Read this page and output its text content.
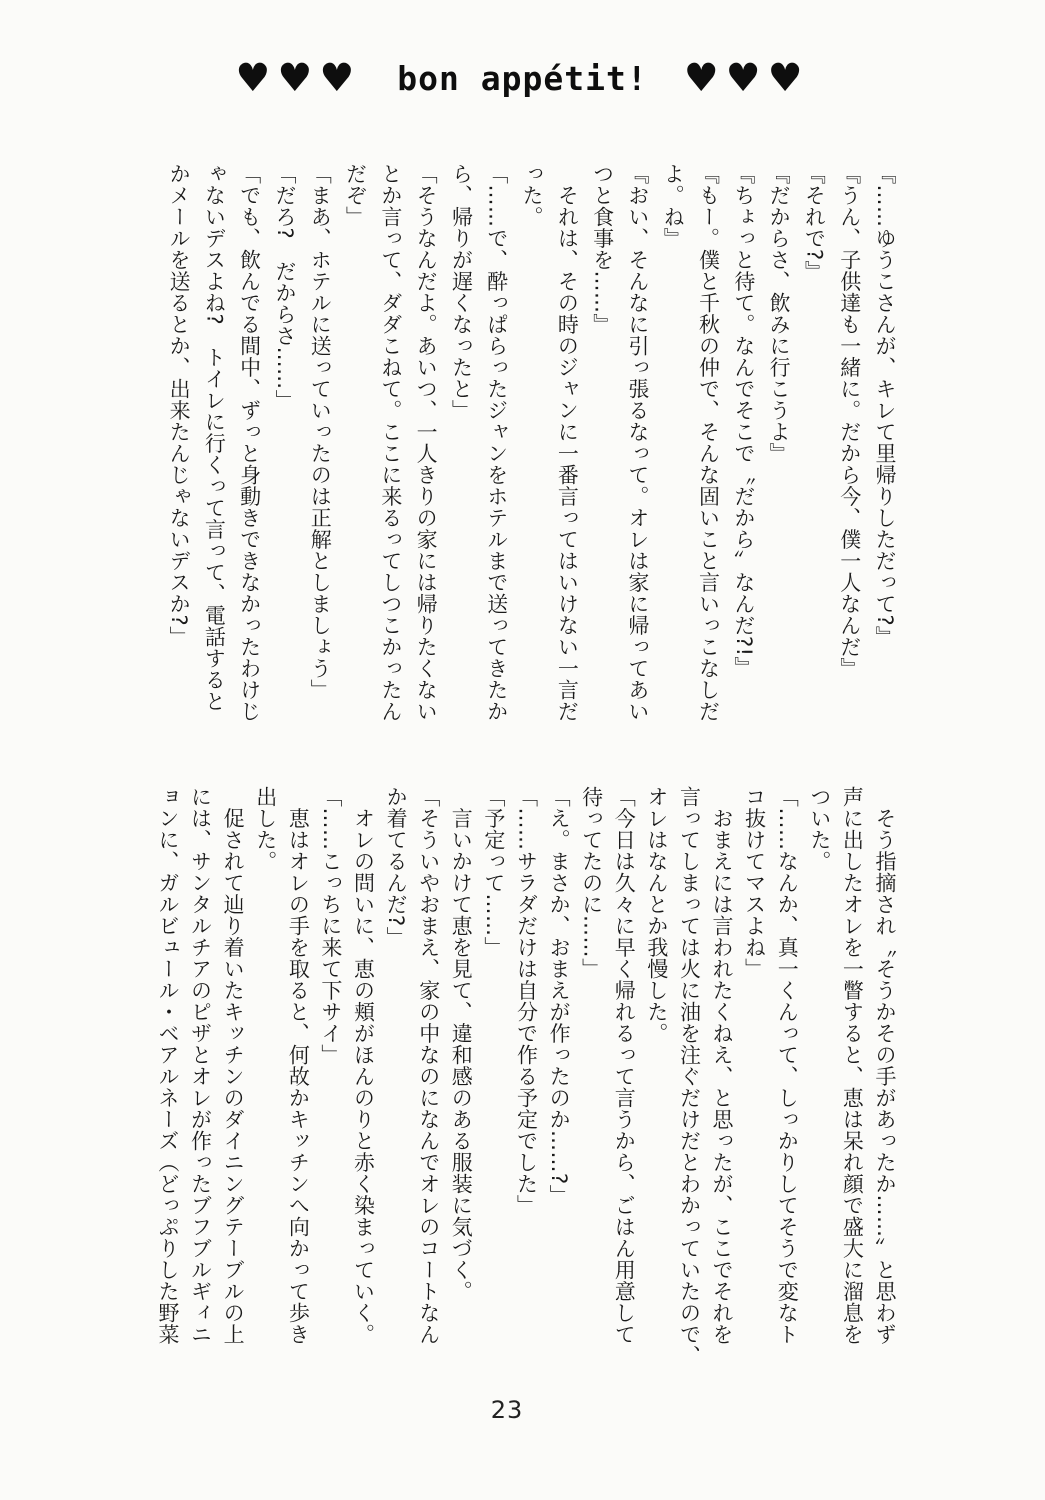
♥♥♥ bon appétit! ♥♥♥

『……ゆうこさんが、キレて里帰りしただって?』

『うん、子供達も一緒に。だから今、僕一人なんだ』

『それで?』

『だからさ、飲みに行こうよ』

『ちょっと待て。なんでそこで〝だから〟なんだ?!』

『もー。僕と千秋の仲で、そんな固いこと言いっこなしだ

よ。ね』

『おい、そんなに引っ張るなって。オレは家に帰ってあい

つと食事を……』

　それは、その時のジャンに一番言ってはいけない一言だ

った。

「……で、酔っぱらったジャンをホテルまで送ってきたか

ら、帰りが遅くなったと」

「そうなんだよ。あいつ、一人きりの家には帰りたくない

とか言って、ダダこねて。ここに来るってしつこかったん

だぞ」

「まあ、ホテルに送っていったのは正解としましょう」

「だろ?　だからさ……」

「でも、飲んでる間中、ずっと身動きできなかったわけじ

ゃないデスよね?　トイレに行くって言って、電話すると

かメールを送るとか、出来たんじゃないデスか?」

　そう指摘され〝そうかその手があったか……〟と思わず

声に出したオレを一瞥すると、恵は呆れ顔で盛大に溜息を

ついた。

「……なんか、真一くんって、しっかりしてそうで変なト

コ抜けてマスよね」

　おまえには言われたくねえ、と思ったが、ここでそれを

言ってしまっては火に油を注ぐだけだとわかっていたので、

オレはなんとか我慢した。

「今日は久々に早く帰れるって言うから、ごはん用意して

待ってたのに……」

「え。まさか、おまえが作ったのか……?」

「……サラダだけは自分で作る予定でした」

「予定って……」

　言いかけて恵を見て、違和感のある服装に気づく。

「そういやおまえ、家の中なのになんでオレのコートなん

か着てるんだ?」

　オレの問いに、恵の頬がほんのりと赤く染まっていく。

「……こっちに来て下サイ」

　恵はオレの手を取ると、何故かキッチンへ向かって歩き

出した。

　促されて辿り着いたキッチンのダイニングテーブルの上

には、サンタルチアのピザとオレが作ったブフブルギィニ

ョンに、ガルビュール・ベアルネーズ（どっぷりした野菜

23
